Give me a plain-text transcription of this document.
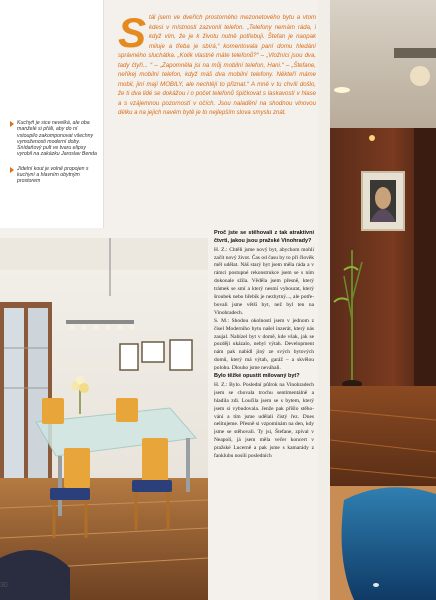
Kuchyň je sice nevelká, ale oba manželé si přáli, aby do ní vstoupilo zakomponovat všechny vymoženosti moderní doby. Snídaňový pult ve tvaru elipsy vyrobil na zakázku Jaroslav Benda
Jídelní kout je volně propojen s kuchyní a hlavním obytným prostorem
S tál jsem ve dveřích prostorného mezonetového bytu a vtom kdesi v místnosti zazvonil telefon. „Telefony nemám ráda, i když vím, že je k životu nutně potřebuji. Štefan je naopak miluje a třeba je sbírá,“ komentovala paní domu hledání správného sluchátka. „Kolik vlastně máte telefonů?“ – „Vložníci jsou dva, tady čtyři... “ – „Zapomněla jsi na můj mobilní telefon, Hani.“ – „Štefane, neříkej mobilní telefon, když máš dva mobilní telefony. Někteří máme mobil, jiní mají MOBILY, ale nechtějí to přiznat.“ A mně v tu chvíli došlo, že ti dva lidé se dokážou i o počet telefonů špičkovat s laskavostí v hlase a s vzájemnou pozorností v očích. Jsou naladění na shodnou vlnovou délku a na jejich navém bytě je to nejlepším slova smyslu znát.

Proč jste se stěhovali z tak atraktivní čtvrti, jakou jsou pražské Vinohrady?

H. Z.: Chtěli jsme nový byt, abychom mohli začít nový život. Čas od času by to při člověk měl udělat. Náš starý byt jsem měla ráda a v rámci postupné rekonstrukce jsem se s ním dokonale sžila. Věděla jsem přesně, který trámek se smí a který nesmí vybourat, který šroubek nebo hřebík je nezbytný..., ale potřebovali jsme větší byt, než byl ten na Vinohradech.

S. M.: Shodou okolností jsem v jednom z čísel Moderního bytu našel inzerát, který nás zaujal. Nabízel byt v domě, kde však, jak se později ukázalo, nebyl výtah. Development nám pak nabídl jiný ze svých bytových domů, který má výtah, garáž – a skvělou polohu. Dlouho jsme neváhali.

Bylo těžké opustit milovaný byt?

H. Z.: Bylo. Poslední půlrok na Vinohradech jsem se chovala trochu sentimentálně a hladila zdi. Loučila jsem se s bytem, který jsem si vybudovala. Jenže pak přišlo stěhování a tím jsme udělali čistý řez. Dnes nelitujeme. Přesně si vzpomínám na den, kdy jsme se stěhovali. Ty jsi, Štefane, zpíval v Neapoli, já jsem měla večer koncert v pražské Lucerně a pak jsme s kamarády z fanklubu nosili posledních

30
